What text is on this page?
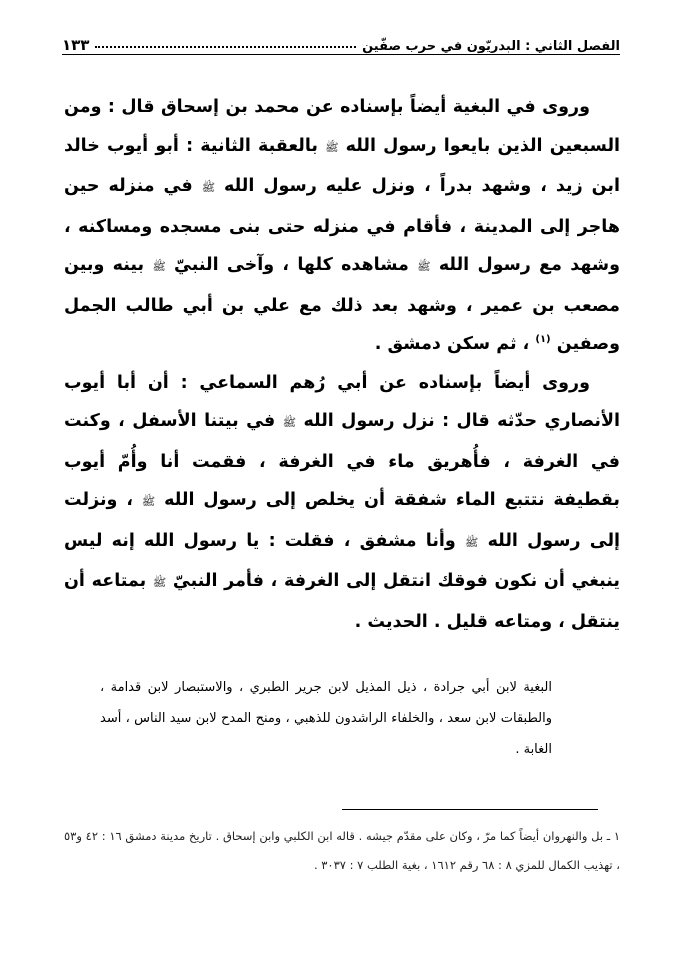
الفصل الثاني : البدريّون في حرب صفّين
١٣٣

وروى في البغية أيضاً بإسناده عن محمد بن إسحاق قال : ومن السبعين الذين بايعوا رسول الله ﷺ بالعقبة الثانية : أبو أيوب خالد ابن زيد ، وشهد بدراً ، ونزل عليه رسول الله ﷺ في منزله حين هاجر إلى المدينة ، فأقام في منزله حتى بنى مسجده ومساكنه ، وشهد مع رسول الله ﷺ مشاهده كلها ، وآخى النبيّ ﷺ بينه وبين مصعب بن عمير ، وشهد بعد ذلك مع علي بن أبي طالب الجمل وصفين $^{(١)}$ ، ثم سكن دمشق .

وروى أيضاً بإسناده عن أبي رُهم السماعي : أن أبا أيوب الأنصاري حدّثه قال : نزل رسول الله ﷺ في بيتنا الأسفل ، وكنت في الغرفة ، فأُهريق ماء في الغرفة ، فقمت أنا وأُمّ أيوب بقطيفة نتتبع الماء شفقة أن يخلص إلى رسول الله ﷺ ، ونزلت إلى رسول الله ﷺ وأنا مشفق ، فقلت : يا رسول الله إنه ليس ينبغي أن نكون فوقك انتقل إلى الغرفة ، فأمر النبيّ ﷺ بمتاعه أن ينتقل ، ومتاعه قليل . الحديث .

البغية لابن أبي جرادة ، ذيل المذيل لابن جرير الطبري ، والاستبصار لابن قدامة ، والطبقات لابن سعد ، والخلفاء الراشدون للذهبي ، ومنح المدح لابن سيد الناس ، أسد الغابة .
١ ـ بل والنهروان أيضاً كما مرّ ، وكان على مقدّم جيشه . قاله ابن الكلبي وابن إسحاق . تاريخ مدينة دمشق ١٦ : ٤٢ و٥٣ ، تهذيب الكمال للمزي ٨ : ٦٨ رقم ١٦١٢ ، بغية الطلب ٧ : ٣٠٣٧ .
